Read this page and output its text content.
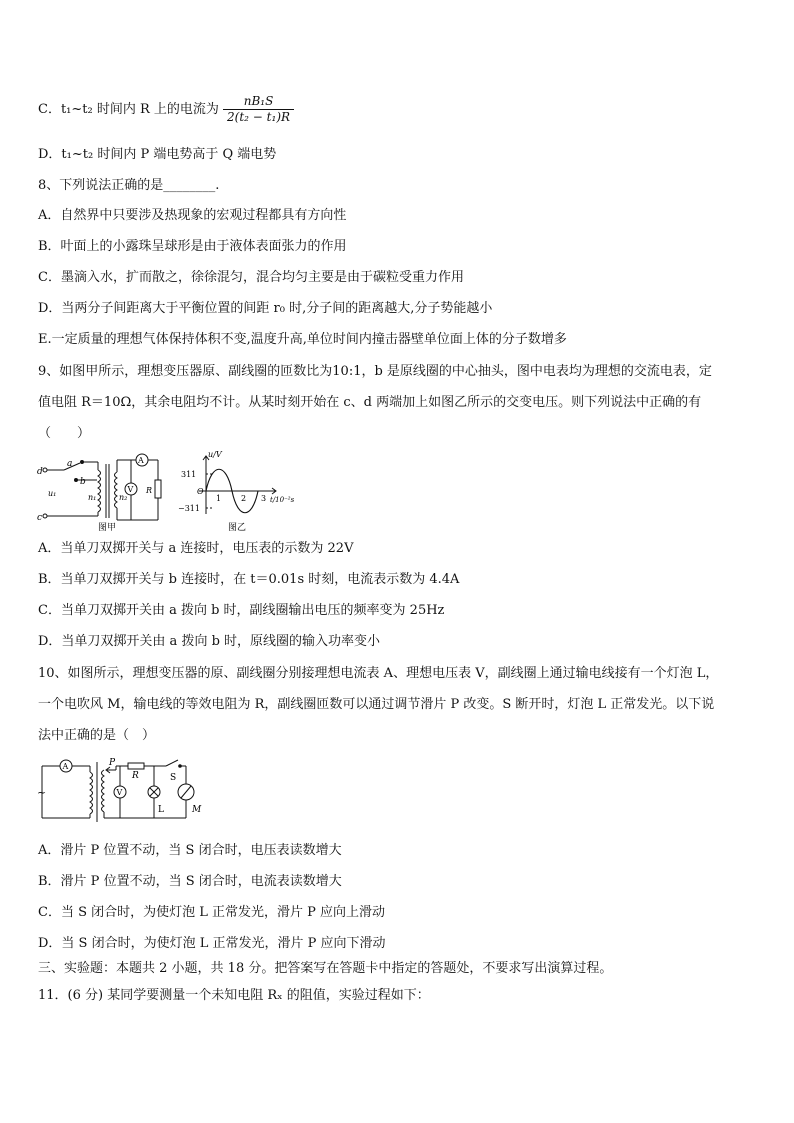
C．t₁~t₂ 时间内 R 上的电流为 $\frac{\text{nB₁S}}{\text{2(t₂ − t₁)R}}$
D．t₁~t₂ 时间内 P 端电势高于 Q 端电势
8、下列说法正确的是________.
A．自然界中只要涉及热现象的宏观过程都具有方向性
B．叶面上的小露珠呈球形是由于液体表面张力的作用
C．墨滴入水，扩而散之，徐徐混匀，混合均匀主要是由于碳粒受重力作用
D．当两分子间距离大于平衡位置的间距 r₀ 时,分子间的距离越大,分子势能越小
E.一定质量的理想气体保持体积不变,温度升高,单位时间内撞击器壁单位面上体的分子数增多
9、如图甲所示，理想变压器原、副线圈的匝数比为10:1，b 是原线圈的中心抽头，图中电表均为理想的交流电表，定
值电阻 R＝10Ω，其余电阻均不计。从某时刻开始在 c、d 两端加上如图乙所示的交变电压。则下列说法中正确的有
（　　）
d
c
a
b
u₁	n₁	n₂
A
V R
图甲
u/V
311
−311
O
1 2 3 t/10⁻²s
图乙
A．当单刀双掷开关与 a 连接时，电压表的示数为 22V
B．当单刀双掷开关与 b 连接时，在 t＝0.01s 时刻，电流表示数为 4.4A
C．当单刀双掷开关由 a 拨向 b 时，副线圈输出电压的频率变为 25Hz
D．当单刀双掷开关由 a 拨向 b 时，原线圈的输入功率变小
10、如图所示，理想变压器的原、副线圈分别接理想电流表 A、理想电压表 V，副线圈上通过输电线接有一个灯泡 L，
一个电吹风 M，输电线的等效电阻为 R，副线圈匝数可以通过调节滑片 P 改变。S 断开时，灯泡 L 正常发光。以下说
法中正确的是（　）
A
V
P
R	S
L	M
~
A．滑片 P 位置不动，当 S 闭合时，电压表读数增大
B．滑片 P 位置不动，当 S 闭合时，电流表读数增大
C．当 S 闭合时，为使灯泡 L 正常发光，滑片 P 应向上滑动
D．当 S 闭合时，为使灯泡 L 正常发光，滑片 P 应向下滑动
三、实验题：本题共 2 小题，共 18 分。把答案写在答题卡中指定的答题处，不要求写出演算过程。
11．(6 分) 某同学要测量一个未知电阻 Rₓ 的阻值，实验过程如下：
